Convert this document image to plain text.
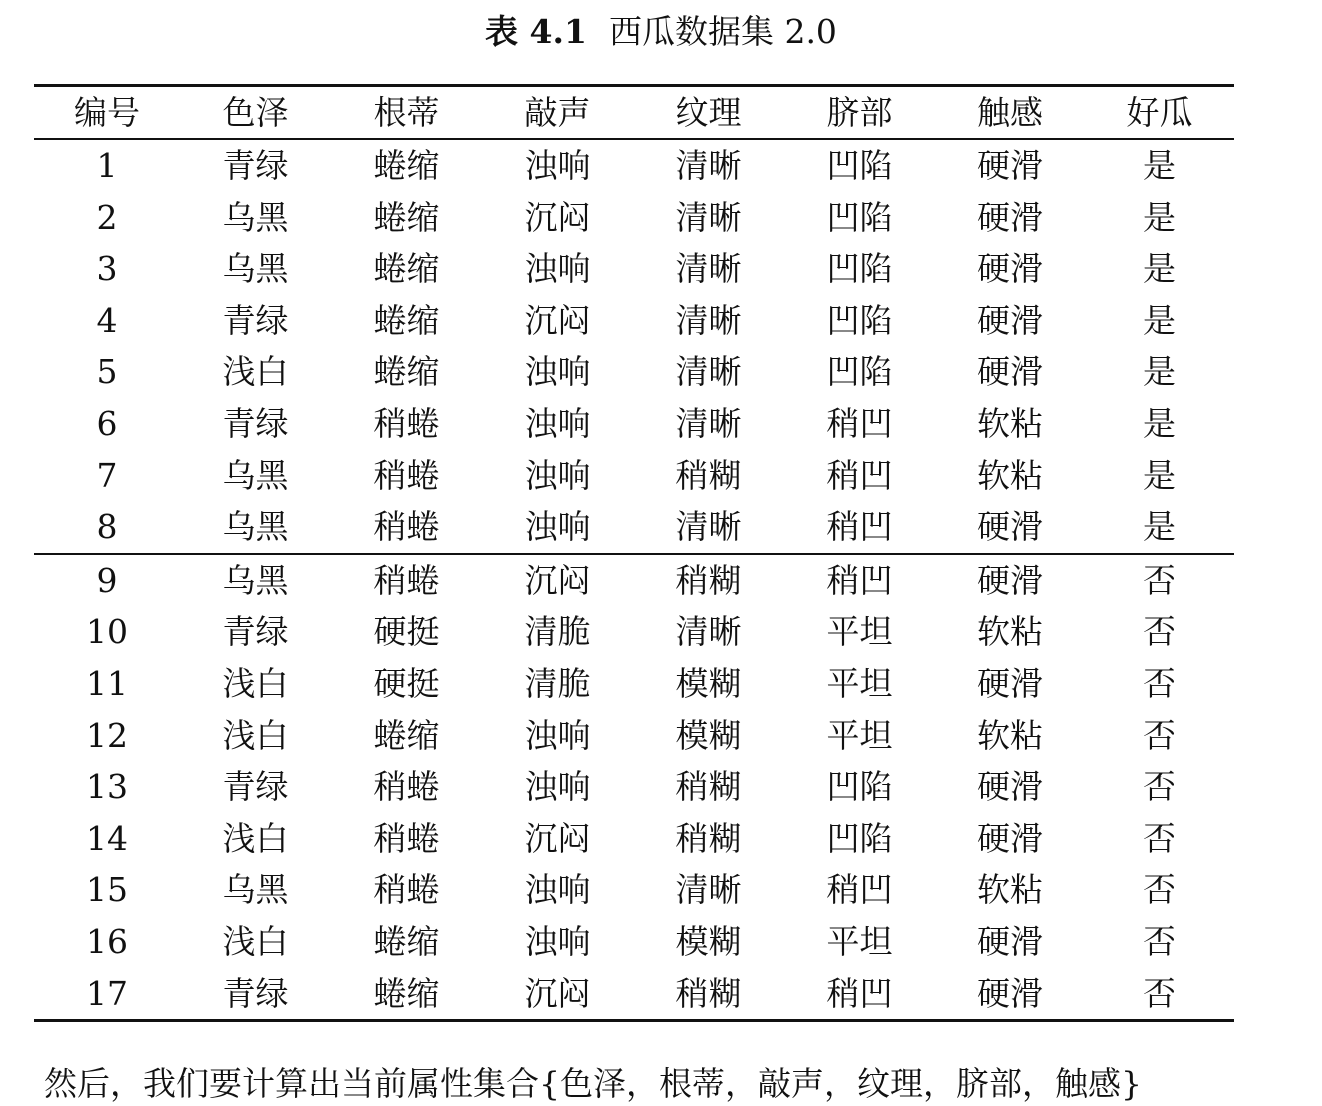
表 4.1 西瓜数据集 2.0
编号	色泽	根蒂	敲声	纹理	脐部	触感	好瓜
1	青绿	蜷缩	浊响	清晰	凹陷	硬滑	是
2	乌黑	蜷缩	沉闷	清晰	凹陷	硬滑	是
3	乌黑	蜷缩	浊响	清晰	凹陷	硬滑	是
4	青绿	蜷缩	沉闷	清晰	凹陷	硬滑	是
5	浅白	蜷缩	浊响	清晰	凹陷	硬滑	是
6	青绿	稍蜷	浊响	清晰	稍凹	软粘	是
7	乌黑	稍蜷	浊响	稍糊	稍凹	软粘	是
8	乌黑	稍蜷	浊响	清晰	稍凹	硬滑	是
9	乌黑	稍蜷	沉闷	稍糊	稍凹	硬滑	否
10	青绿	硬挺	清脆	清晰	平坦	软粘	否
11	浅白	硬挺	清脆	模糊	平坦	硬滑	否
12	浅白	蜷缩	浊响	模糊	平坦	软粘	否
13	青绿	稍蜷	浊响	稍糊	凹陷	硬滑	否
14	浅白	稍蜷	沉闷	稍糊	凹陷	硬滑	否
15	乌黑	稍蜷	浊响	清晰	稍凹	软粘	否
16	浅白	蜷缩	浊响	模糊	平坦	硬滑	否
17	青绿	蜷缩	沉闷	稍糊	稍凹	硬滑	否
然后，我们要计算出当前属性集合{色泽，根蒂，敲声，纹理，脐部，触感}
